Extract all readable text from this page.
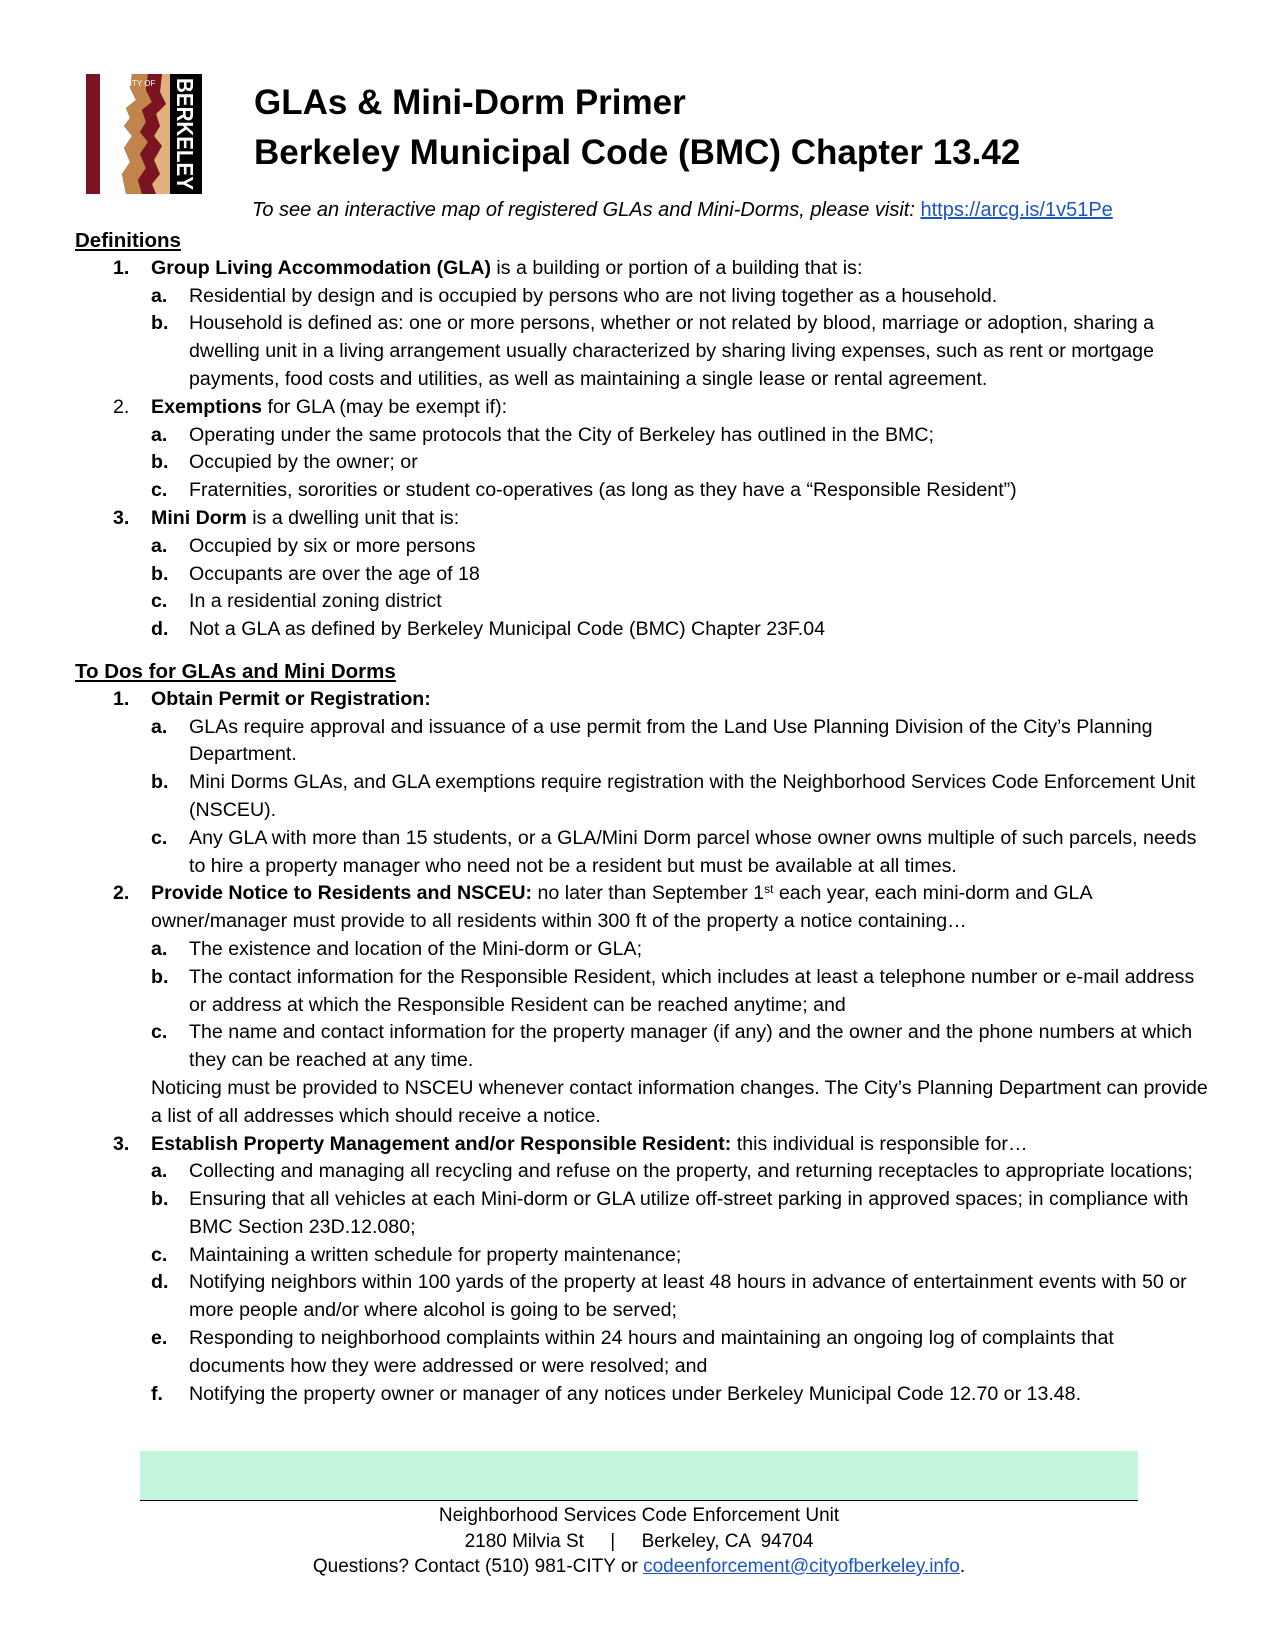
CITY OF BERKELEY GLAs & Mini-Dorm Primer
Berkeley Municipal Code (BMC) Chapter 13.42
To see an interactive map of registered GLAs and Mini-Dorms, please visit: https://arcg.is/1v51Pe
Definitions
1. Group Living Accommodation (GLA) is a building or portion of a building that is:
a. Residential by design and is occupied by persons who are not living together as a household.
b. Household is defined as: one or more persons, whether or not related by blood, marriage or adoption, sharing a dwelling unit in a living arrangement usually characterized by sharing living expenses, such as rent or mortgage payments, food costs and utilities, as well as maintaining a single lease or rental agreement.
2. Exemptions for GLA (may be exempt if):
a. Operating under the same protocols that the City of Berkeley has outlined in the BMC;
b. Occupied by the owner; or
c. Fraternities, sororities or student co-operatives (as long as they have a “Responsible Resident”)
3. Mini Dorm is a dwelling unit that is:
a. Occupied by six or more persons
b. Occupants are over the age of 18
c. In a residential zoning district
d. Not a GLA as defined by Berkeley Municipal Code (BMC) Chapter 23F.04
To Dos for GLAs and Mini Dorms
1. Obtain Permit or Registration:
a. GLAs require approval and issuance of a use permit from the Land Use Planning Division of the City’s Planning Department.
b. Mini Dorms GLAs, and GLA exemptions require registration with the Neighborhood Services Code Enforcement Unit (NSCEU).
c. Any GLA with more than 15 students, or a GLA/Mini Dorm parcel whose owner owns multiple of such parcels, needs to hire a property manager who need not be a resident but must be available at all times.
2. Provide Notice to Residents and NSCEU: no later than September 1st each year, each mini-dorm and GLA owner/manager must provide to all residents within 300 ft of the property a notice containing…
a. The existence and location of the Mini-dorm or GLA;
b. The contact information for the Responsible Resident, which includes at least a telephone number or e-mail address or address at which the Responsible Resident can be reached anytime; and
c. The name and contact information for the property manager (if any) and the owner and the phone numbers at which they can be reached at any time.
Noticing must be provided to NSCEU whenever contact information changes. The City’s Planning Department can provide a list of all addresses which should receive a notice.
3. Establish Property Management and/or Responsible Resident: this individual is responsible for…
a. Collecting and managing all recycling and refuse on the property, and returning receptacles to appropriate locations;
b. Ensuring that all vehicles at each Mini-dorm or GLA utilize off-street parking in approved spaces; in compliance with BMC Section 23D.12.080;
c. Maintaining a written schedule for property maintenance;
d. Notifying neighbors within 100 yards of the property at least 48 hours in advance of entertainment events with 50 or more people and/or where alcohol is going to be served;
e. Responding to neighborhood complaints within 24 hours and maintaining an ongoing log of complaints that documents how they were addressed or were resolved; and
f. Notifying the property owner or manager of any notices under Berkeley Municipal Code 12.70 or 13.48.
Neighborhood Services Code Enforcement Unit
2180 Milvia St     |     Berkeley, CA  94704
Questions? Contact (510) 981-CITY or codeenforcement@cityofberkeley.info.
